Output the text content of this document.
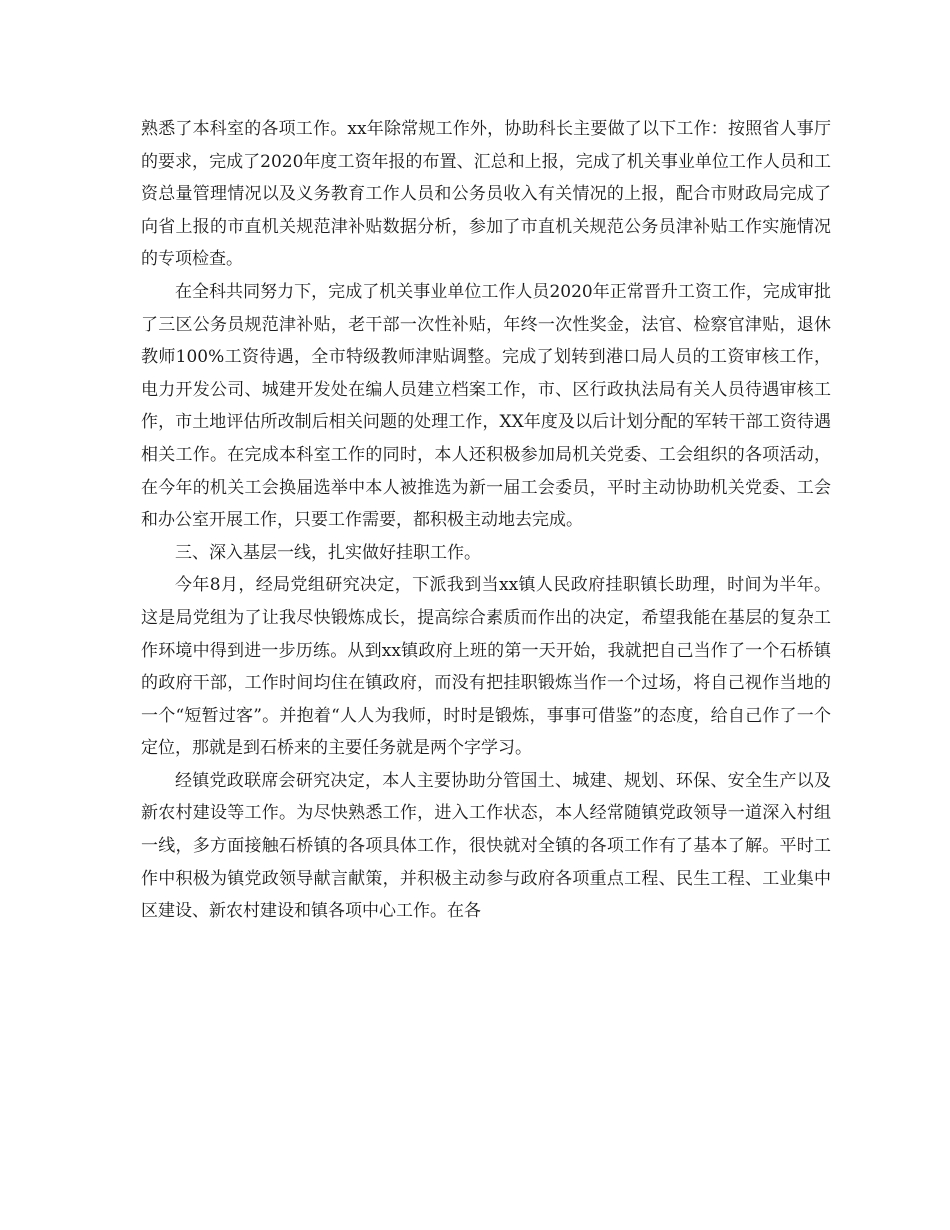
熟悉了本科室的各项工作。xx年除常规工作外，协助科长主要做了以下工作：按照省人事厅的要求，完成了2020年度工资年报的布置、汇总和上报，完成了机关事业单位工作人员和工资总量管理情况以及义务教育工作人员和公务员收入有关情况的上报，配合市财政局完成了向省上报的市直机关规范津补贴数据分析，参加了市直机关规范公务员津补贴工作实施情况的专项检查。

在全科共同努力下，完成了机关事业单位工作人员2020年正常晋升工资工作，完成审批了三区公务员规范津补贴，老干部一次性补贴，年终一次性奖金，法官、检察官津贴，退休教师100%工资待遇，全市特级教师津贴调整。完成了划转到港口局人员的工资审核工作，电力开发公司、城建开发处在编人员建立档案工作，市、区行政执法局有关人员待遇审核工作，市土地评估所改制后相关问题的处理工作，XX年度及以后计划分配的军转干部工资待遇相关工作。在完成本科室工作的同时，本人还积极参加局机关党委、工会组织的各项活动，在今年的机关工会换届选举中本人被推选为新一届工会委员，平时主动协助机关党委、工会和办公室开展工作，只要工作需要，都积极主动地去完成。

三、深入基层一线，扎实做好挂职工作。

今年8月，经局党组研究决定，下派我到当xx镇人民政府挂职镇长助理，时间为半年。这是局党组为了让我尽快锻炼成长，提高综合素质而作出的决定，希望我能在基层的复杂工作环境中得到进一步历练。从到xx镇政府上班的第一天开始，我就把自己当作了一个石桥镇的政府干部，工作时间均住在镇政府，而没有把挂职锻炼当作一个过场，将自己视作当地的一个“短暂过客”。并抱着“人人为我师，时时是锻炼，事事可借鉴”的态度，给自己作了一个定位，那就是到石桥来的主要任务就是两个字学习。

经镇党政联席会研究决定，本人主要协助分管国土、城建、规划、环保、安全生产以及新农村建设等工作。为尽快熟悉工作，进入工作状态，本人经常随镇党政领导一道深入村组一线，多方面接触石桥镇的各项具体工作，很快就对全镇的各项工作有了基本了解。平时工作中积极为镇党政领导献言献策，并积极主动参与政府各项重点工程、民生工程、工业集中区建设、新农村建设和镇各项中心工作。在各
